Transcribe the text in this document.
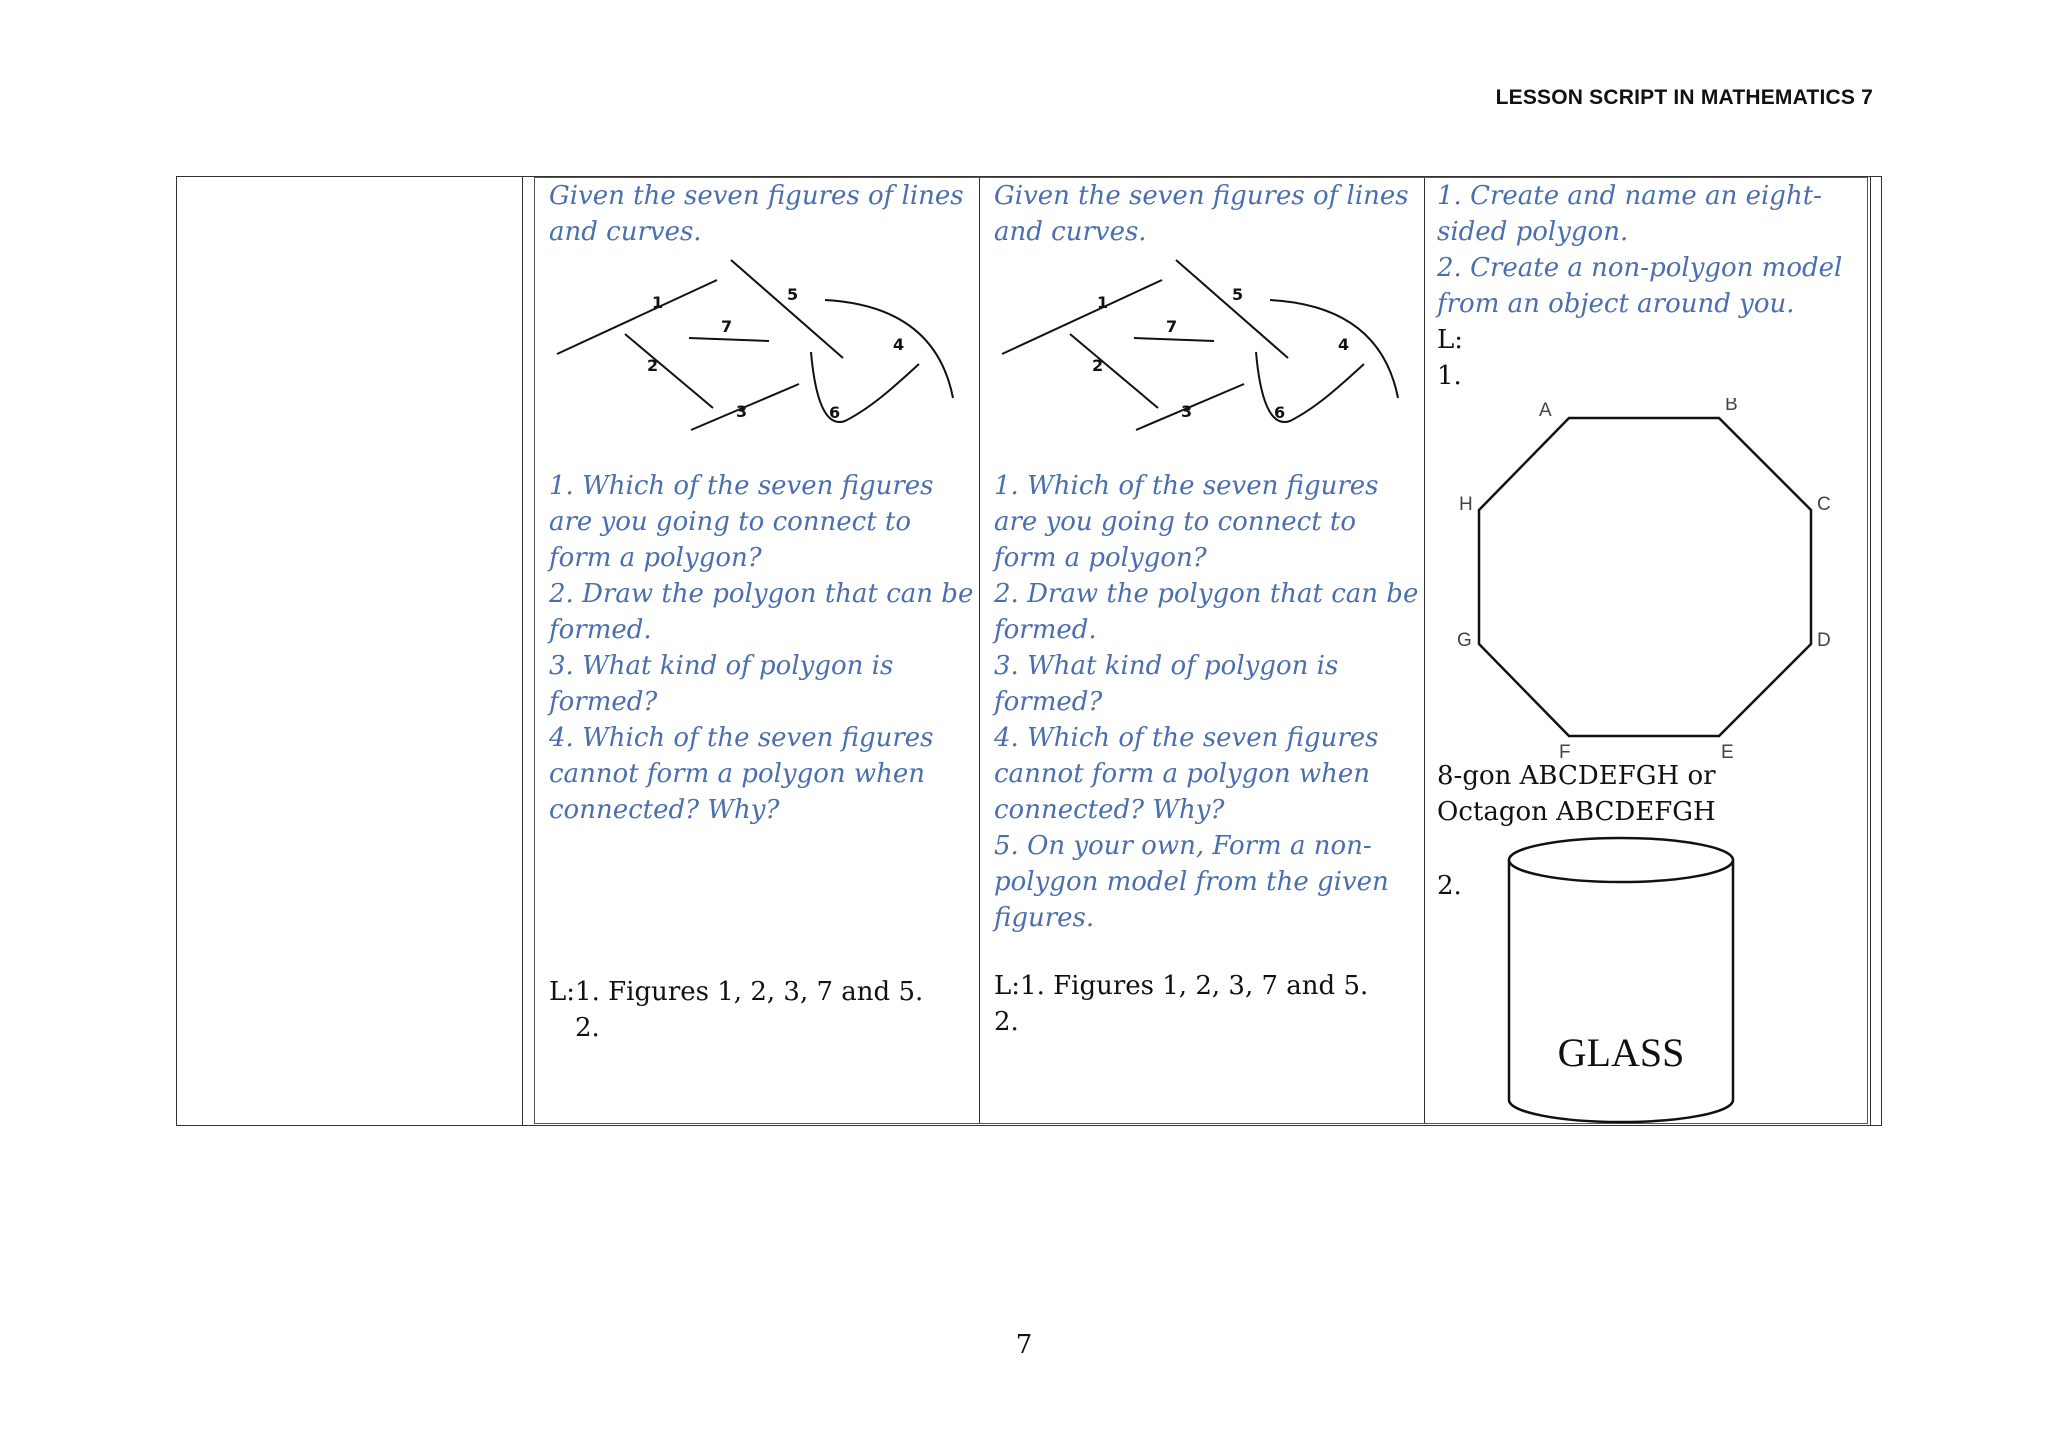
LESSON SCRIPT IN MATHEMATICS 7
Given the seven figures of lines and curves.
1
2
3
4
5
6
7

1. Which of the seven figures are you going to connect to form a polygon?

2. Draw the polygon that can be formed.

3. What kind of polygon is formed?

4. Which of the seven figures cannot form a polygon when connected? Why?

L:1. Figures 1, 2, 3, 7 and 5.
2.
Given the seven figures of lines and curves.
1
2
3
4
5
6
7

1. Which of the seven figures are you going to connect to form a polygon?

2. Draw the polygon that can be formed.

3. What kind of polygon is formed?

4. Which of the seven figures cannot form a polygon when connected? Why?

5. On your own, Form a non-polygon model from the given figures.

L:1. Figures 1, 2, 3, 7 and 5.
2.

1. Create and name an eight-sided polygon.

2. Create a non-polygon model from an object around you.

L:
1.
A	B
C
D
E
F
G
H
8-gon ABCDEFGH or
Octagon ABCDEFGH
2.
GLASS
7
